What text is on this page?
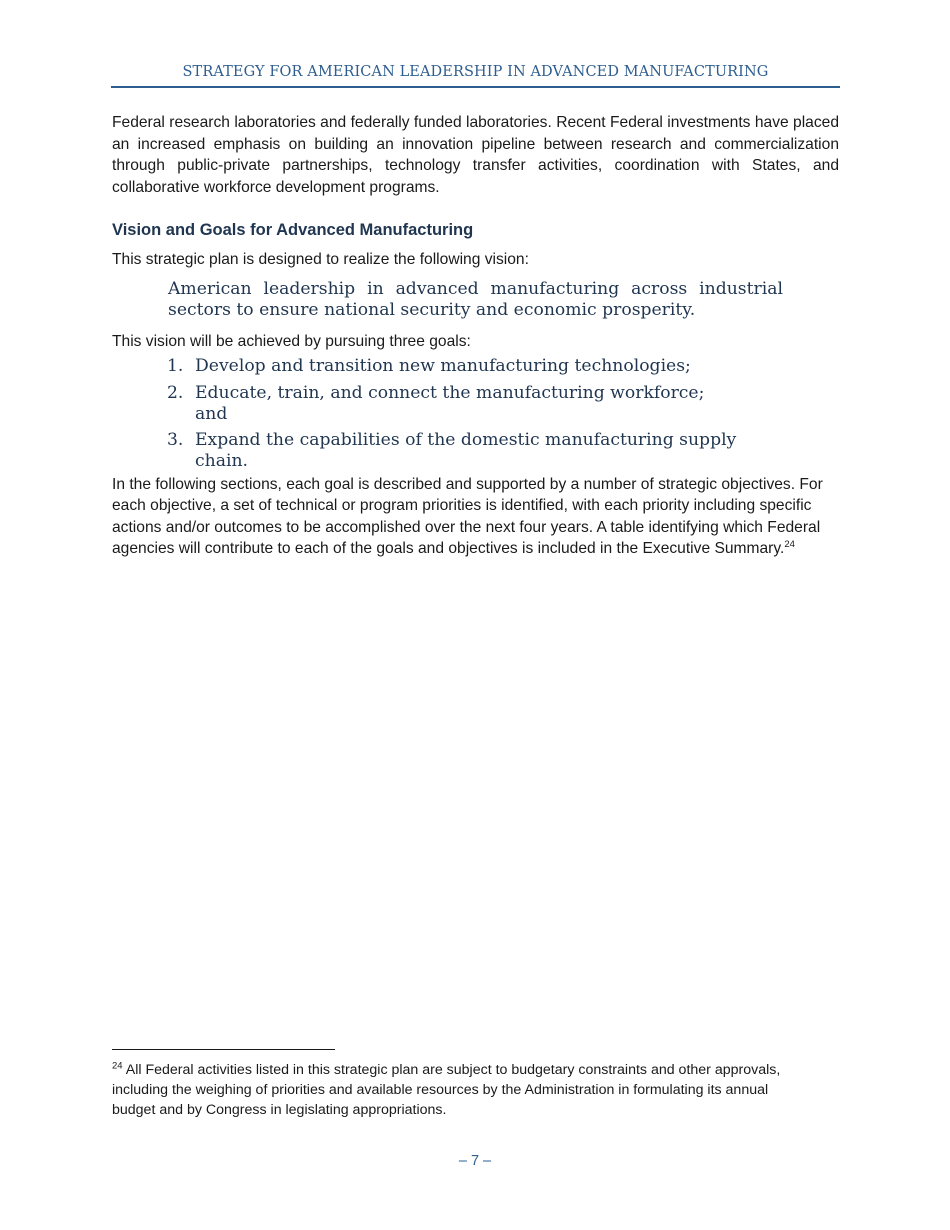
STRATEGY FOR AMERICAN LEADERSHIP IN ADVANCED MANUFACTURING

Federal research laboratories and federally funded laboratories. Recent Federal investments have placed an increased emphasis on building an innovation pipeline between research and commercialization through public-private partnerships, technology transfer activities, coordination with States, and collaborative workforce development programs.

Vision and Goals for Advanced Manufacturing

This strategic plan is designed to realize the following vision:

American leadership in advanced manufacturing across industrial sectors to ensure national security and economic prosperity.

This vision will be achieved by pursuing three goals:

1. Develop and transition new manufacturing technologies;
2. Educate, train, and connect the manufacturing workforce; and
3. Expand the capabilities of the domestic manufacturing supply chain.

In the following sections, each goal is described and supported by a number of strategic objectives. For each objective, a set of technical or program priorities is identified, with each priority including specific actions and/or outcomes to be accomplished over the next four years. A table identifying which Federal agencies will contribute to each of the goals and objectives is included in the Executive Summary.$^{24}$

$^{24}$ All Federal activities listed in this strategic plan are subject to budgetary constraints and other approvals, including the weighing of priorities and available resources by the Administration in formulating its annual budget and by Congress in legislating appropriations.
– 7 –
